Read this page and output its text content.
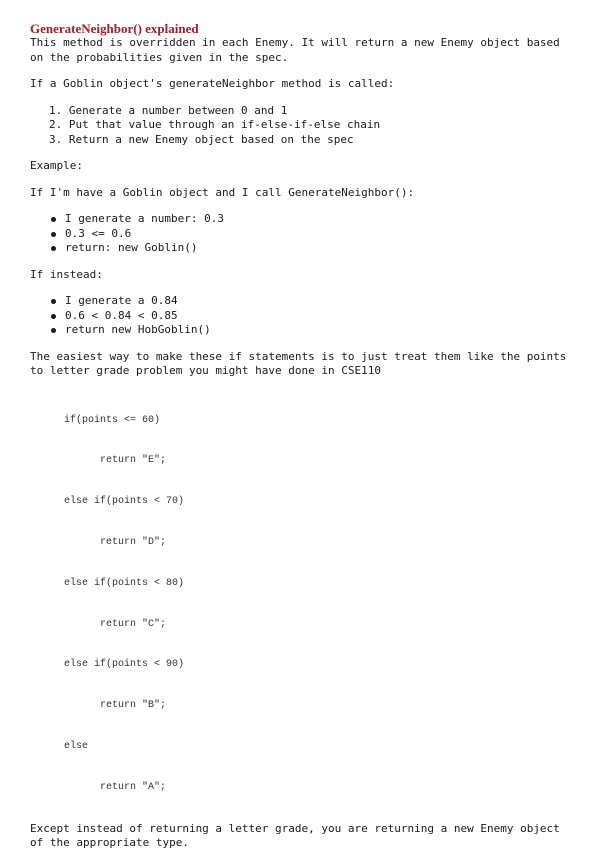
GenerateNeighbor() explained

This method is overridden in each Enemy. It will return a new Enemy object based

on the probabilities given in the spec.

If a Goblin object's generateNeighbor method is called:

1. Generate a number between 0 and 1
2. Put that value through an if-else-if-else chain
3. Return a new Enemy object based on the spec

Example:

If I'm have a Goblin object and I call GenerateNeighbor():

I generate a number: 0.3
0.3 <= 0.6
return: new Goblin()

If instead:

I generate a 0.84
0.6 < 0.84 < 0.85
return new HobGoblin()

The easiest way to make these if statements is to just treat them like the points

to letter grade problem you might have done in CSE110

if(points <= 60)

return "E";

else if(points < 70)

return "D";

else if(points < 80)

return "C";

else if(points < 90)

return "B";

else

return "A";

Except instead of returning a letter grade, you are returning a new Enemy object

of the appropriate type.
